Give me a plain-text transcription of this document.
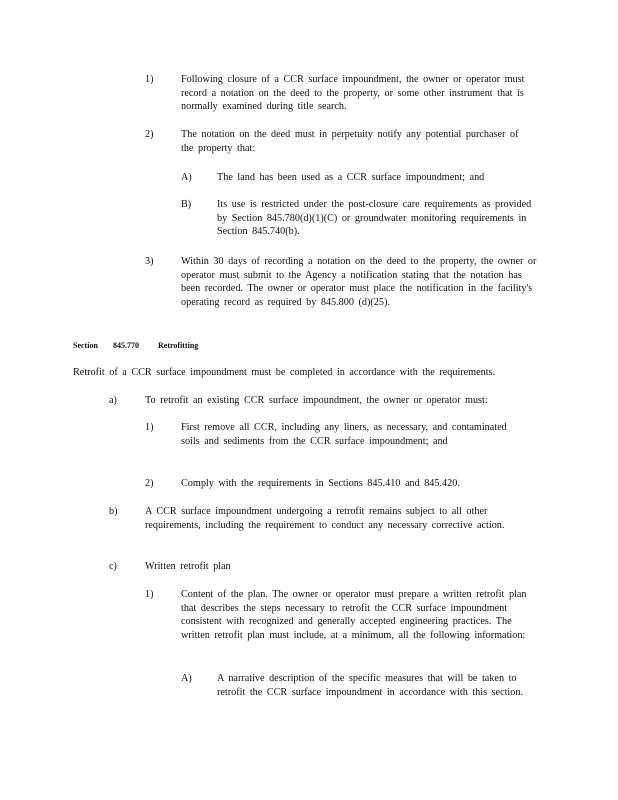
1)	Following closure of a CCR surface impoundment, the owner or operator must record a notation on the deed to the property, or some other instrument that is normally examined during title search.
2)	The notation on the deed must in perpetuity notify any potential purchaser of the property that:
A) The land has been used as a CCR surface impoundment; and
B)	Its use is restricted under the post-closure care requirements as provided by Section 845.780(d)(1)(C) or groundwater monitoring requirements in Section 845.740(b).
3)	Within 30 days of recording a notation on the deed to the property, the owner or operator must submit to the Agency a notification stating that the notation has been recorded. The owner or operator must place the notification in the facility's operating record as required by 845.800 (d)(25).
Section 845.770 Retrofitting
Retrofit of a CCR surface impoundment must be completed in accordance with the requirements.
a)	To retrofit an existing CCR surface impoundment, the owner or operator must:
1)	First remove all CCR, including any liners, as necessary, and contaminated soils and sediments from the CCR surface impoundment; and
2)	Comply with the requirements in Sections 845.410 and 845.420.
b)	A CCR surface impoundment undergoing a retrofit remains subject to all other requirements, including the requirement to conduct any necessary corrective action.
c)	Written retrofit plan
1)	Content of the plan. The owner or operator must prepare a written retrofit plan that describes the steps necessary to retrofit the CCR surface impoundment consistent with recognized and generally accepted engineering practices. The written retrofit plan must include, at a minimum, all the following information:
A) A narrative description of the specific measures that will be taken to retrofit the CCR surface impoundment in accordance with this section.
